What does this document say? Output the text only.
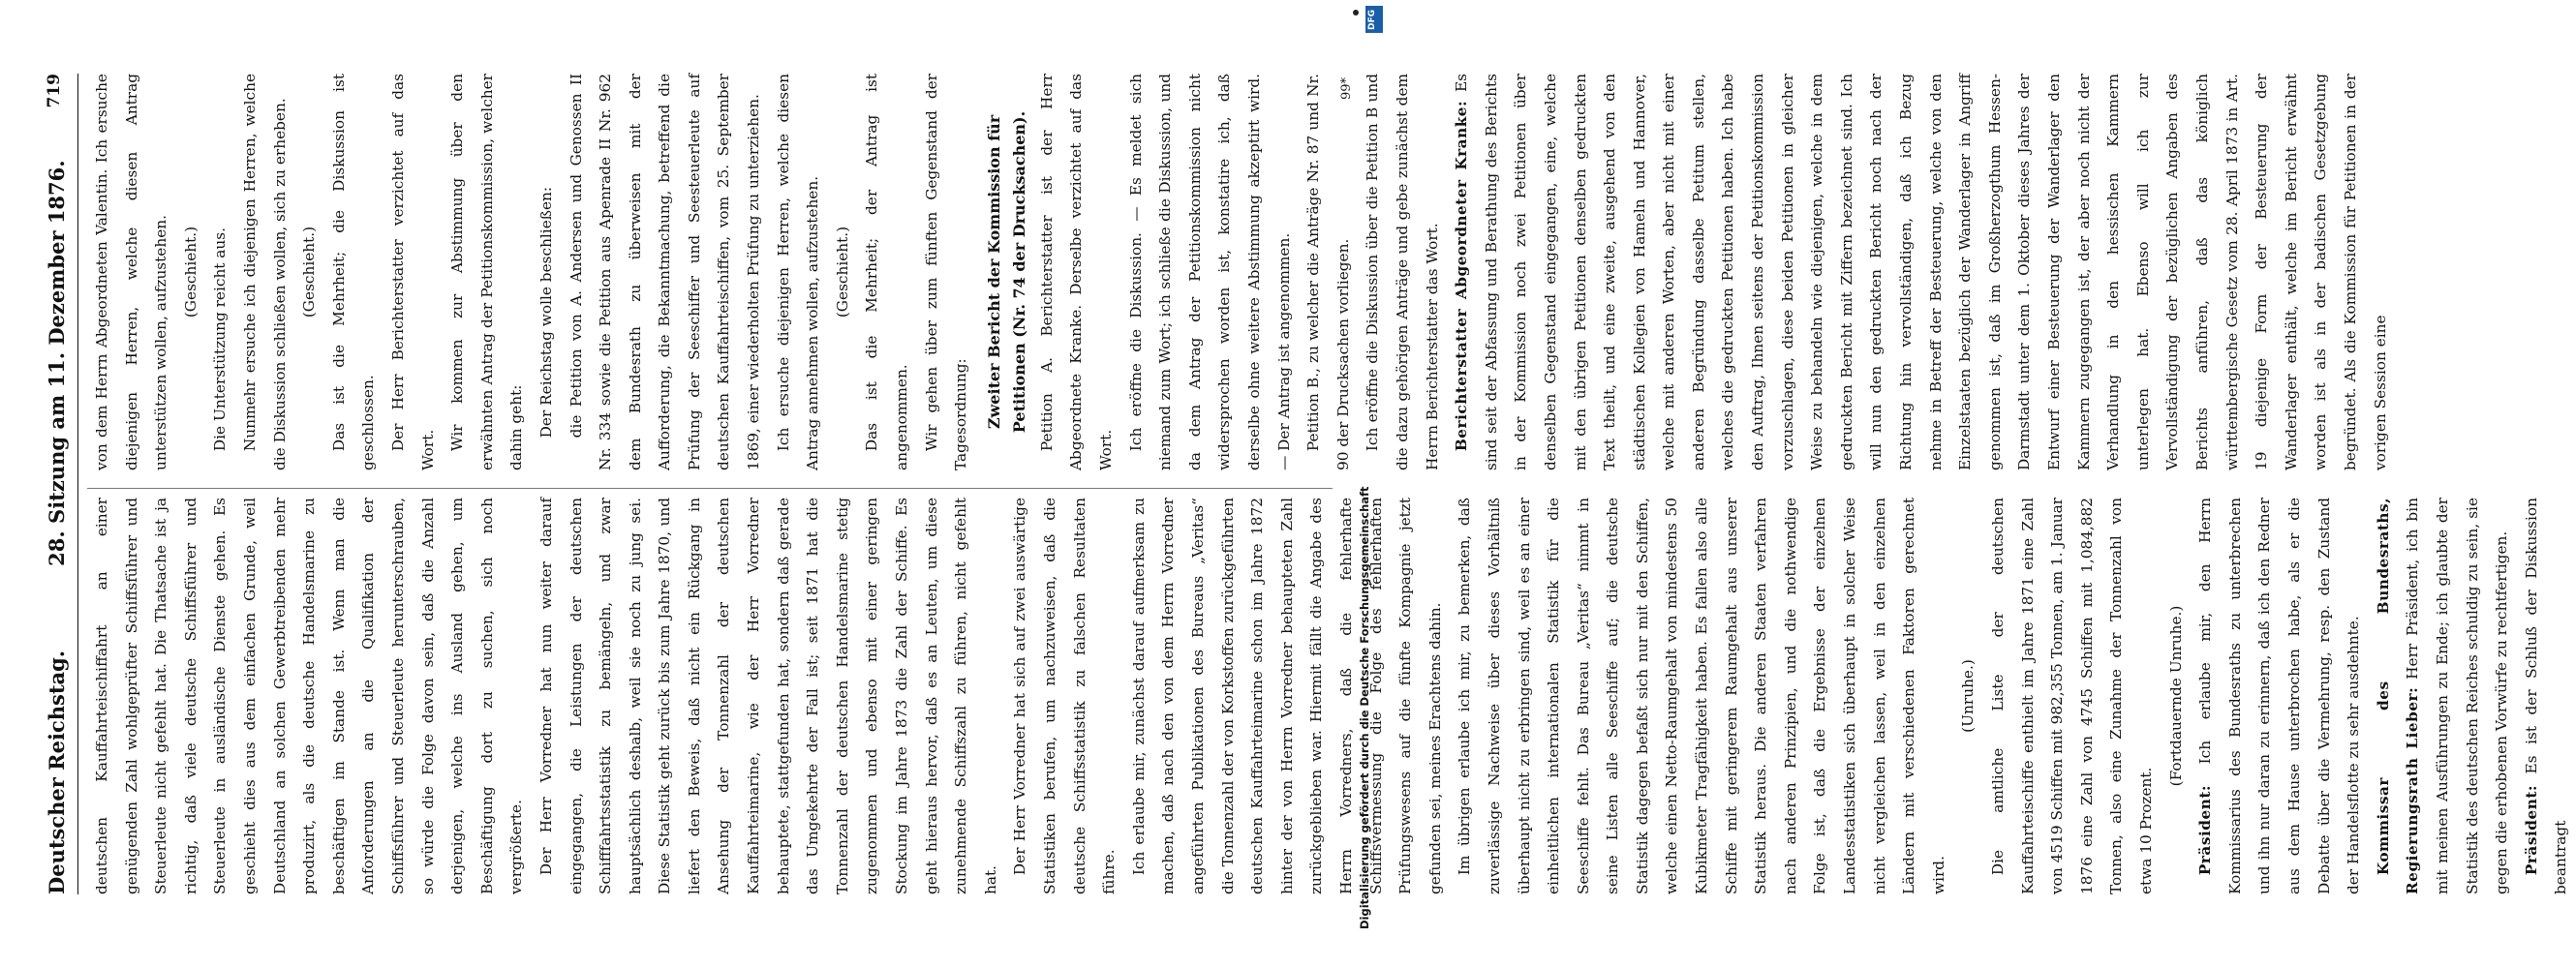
Deutscher Reichstag.
28. Sitzung am 11. Dezember 1876.
719

deutschen Kauffahrteischiffahrt an einer genügenden Zahl wohlgeprüfter Schiffsführer und Steuerleute nicht gefehlt hat. Die Thatsache ist ja richtig, daß viele deutsche Schiffsführer und Steuerleute in ausländische Dienste gehen. Es geschieht dies aus dem einfachen Grunde, weil Deutschland an solchen Gewerbtreibenden mehr produzirt, als die deutsche Handelsmarine zu beschäftigen im Stande ist. Wenn man die Anforderungen an die Qualifikation der Schiffsführer und Steuerleute herunterschrauben, so würde die Folge davon sein, daß die Anzahl derjenigen, welche ins Ausland gehen, um Beschäftigung dort zu suchen, sich noch vergrößerte. Der Herr Vorredner hat nun weiter darauf eingegangen, die Leistungen der deutschen Schifffahrtsstatistik zu bemängeln, und zwar hauptsächlich deshalb, weil sie noch zu jung sei. Diese Statistik geht zurück bis zum Jahre 1870, und liefert den Beweis, daß nicht ein Rückgang in Ansehung der Tonnenzahl der deutschen Kauffahrteimarine, wie der Herr Vorredner behauptete, stattgefunden hat, sondern daß gerade das Umgekehrte der Fall ist; seit 1871 hat die Tonnenzahl der deutschen Handelsmarine stetig zugenommen und ebenso mit einer geringen Stockung im Jahre 1873 die Zahl der Schiffe. Es geht hieraus hervor, daß es an Leuten, um diese zunehmende Schiffszahl zu führen, nicht gefehlt hat.

Der Herr Vorredner hat sich auf zwei auswärtige Statistiken berufen, um nachzuweisen, daß die deutsche Schiffsstatistik zu falschen Resultaten führe. Ich erlaube mir, zunächst darauf aufmerksam zu machen, daß nach den von dem Herrn Vorredner angeführten Publikationen des Bureaus „Veritas“ die Tonnenzahl der von Korkstoffen zurückgeführten deutschen Kauffahrteimarine schon im Jahre 1872 hinter der von Herrn Vorredner behaupteten Zahl zurückgeblieben war. Hiermit fällt die Angabe des Herrn Vorredners, daß die fehlerhafte Schiffsvermessung die Folge des fehlerhaften Prüfungswesens auf die fünfte Kompagnie jetzt gefunden sei, meines Erachtens dahin. Im übrigen erlaube ich mir, zu bemerken, daß zuverlässige Nachweise über dieses Vorhältniß überhaupt nicht zu erbringen sind, weil es an einer einheitlichen internationalen Statistik für die Seeschiffe fehlt. Das Bureau „Veritas“ nimmt in seine Listen alle Seeschiffe auf; die deutsche Statistik dagegen befaßt sich nur mit den Schiffen, welche einen Netto-Raumgehalt von mindestens 50 Kubikmeter Tragfähigkeit haben. Es fallen also alle Schiffe mit geringerem Raumgehalt aus unserer Statistik heraus. Die anderen Staaten verfahren nach anderen Prinzipien, und die nothwendige Folge ist, daß die Ergebnisse der einzelnen Landesstatistiken sich überhaupt in solcher Weise nicht vergleichen lassen, weil in den einzelnen Ländern mit verschiedenen Faktoren gerechnet wird.

(Unruhe.) Die amtliche Liste der deutschen Kauffahrteischiffe enthielt im Jahre 1871 eine Zahl von 4519 Schiffen mit 982,355 Tonnen, am 1. Januar 1876 eine Zahl von 4745 Schiffen mit 1,084,882 Tonnen, also eine Zunahme der Tonnenzahl von etwa 10 Prozent.

(Fortdauernde Unruhe.)

Präsident: Ich erlaube mir, den Herrn Kommissarius des Bundesraths zu unterbrechen und ihn nur daran zu erinnern, daß ich den Redner aus dem Hause unterbrochen habe, als er die Debatte über die Vermehrung, resp. den Zustand der Handelsflotte zu sehr ausdehnte. Kommissar des Bundesraths, Regierungsrath Lieber: Herr Präsident, ich bin mit meinen Ausführungen zu Ende; ich glaubte der Statistik des deutschen Reiches schuldig zu sein, sie gegen die erhobenen Vorwürfe zu rechtfertigen. Präsident: Es ist der Schluß der Diskussion beantragt

von dem Herrn Abgeordneten Valentin. Ich ersuche diejenigen Herren, welche diesen Antrag unterstützen wollen, aufzustehen. (Geschieht.) Die Unterstützung reicht aus. Nunmehr ersuche ich diejenigen Herren, welche die Diskussion schließen wollen, sich zu erheben. (Geschieht.) Das ist die Mehrheit; die Diskussion ist geschlossen. Der Herr Berichterstatter verzichtet auf das Wort. Wir kommen zur Abstimmung über den erwähnten Antrag der Petitionskommission, welcher dahin geht: Der Reichstag wolle beschließen: die Petition von A. Andersen und Genossen II Nr. 334 sowie die Petition aus Apenrade II Nr. 962 dem Bundesrath zu überweisen mit der Aufforderung, die Bekanntmachung, betreffend die Prüfung der Seeschiffer und Seesteuerleute auf deutschen Kauffahrteischiffen, vom 25. September 1869, einer wiederholten Prüfung zu unterziehen. Ich ersuche diejenigen Herren, welche diesen Antrag annehmen wollen, aufzustehen. (Geschieht.) Das ist die Mehrheit; der Antrag ist angenommen. Wir gehen über zum fünften Gegenstand der Tagesordnung: Zweiter Bericht der Kommission für Petitionen (Nr. 74 der Drucksachen). Petition A. Berichterstatter ist der Herr Abgeordnete Kranke. Derselbe verzichtet auf das Wort. Ich eröffne die Diskussion. — Es meldet sich niemand zum Wort; ich schließe die Diskussion, und da dem Antrag der Petitionskommission nicht widersprochen worden ist, konstatire ich, daß derselbe ohne weitere Abstimmung akzeptirt wird. — Der Antrag ist angenommen. Petition B., zu welcher die Anträge Nr. 87 und Nr. 90 der Drucksachen vorliegen. Ich eröffne die Diskussion über die Petition B und die dazu gehörigen Anträge und gebe zunächst dem Herrn Berichterstatter das Wort. Berichterstatter Abgeordneter Kranke: Es sind seit der Abfassung und Berathung des Berichts in der Kommission noch zwei Petitionen über denselben Gegenstand eingegangen, eine, welche mit den übrigen Petitionen denselben gedruckten Text theilt, und eine zweite, ausgehend von den städtischen Kollegien von Hameln und Hannover, welche mit anderen Worten, aber nicht mit einer anderen Begründung dasselbe Petitum stellen, welches die gedruckten Petitionen haben. Ich habe den Auftrag, Ihnen seitens der Petitionskommission vorzuschlagen, diese beiden Petitionen in gleicher Weise zu behandeln wie diejenigen, welche in dem gedruckten Bericht mit Ziffern bezeichnet sind. Ich will nun den gedruckten Bericht noch nach der Richtung hin vervollständigen, daß ich Bezug nehme in Betreff der Besteuerung, welche von den Einzelstaaten bezüglich der Wanderlager in Angriff genommen ist, daß im Großherzogthum Hessen-Darmstadt unter dem 1. Oktober dieses Jahres der Entwurf einer Besteuerung der Wanderlager den Kammern zugegangen ist, der aber noch nicht der Verhandlung in den hessischen Kammern unterlegen hat. Ebenso will ich zur Vervollständigung der bezüglichen Angaben des Berichts anführen, daß das königlich württembergische Gesetz vom 28. April 1873 in Art. 19 diejenige Form der Besteuerung der Wanderlager enthält, welche im Bericht erwähnt worden ist als in der badischen Gesetzgebung begründet. Als die Kommission für Petitionen in der vorigen Session eine

99*
DFG
Digitalisierung gefördert durch die Deutsche Forschungsgemeinschaft
